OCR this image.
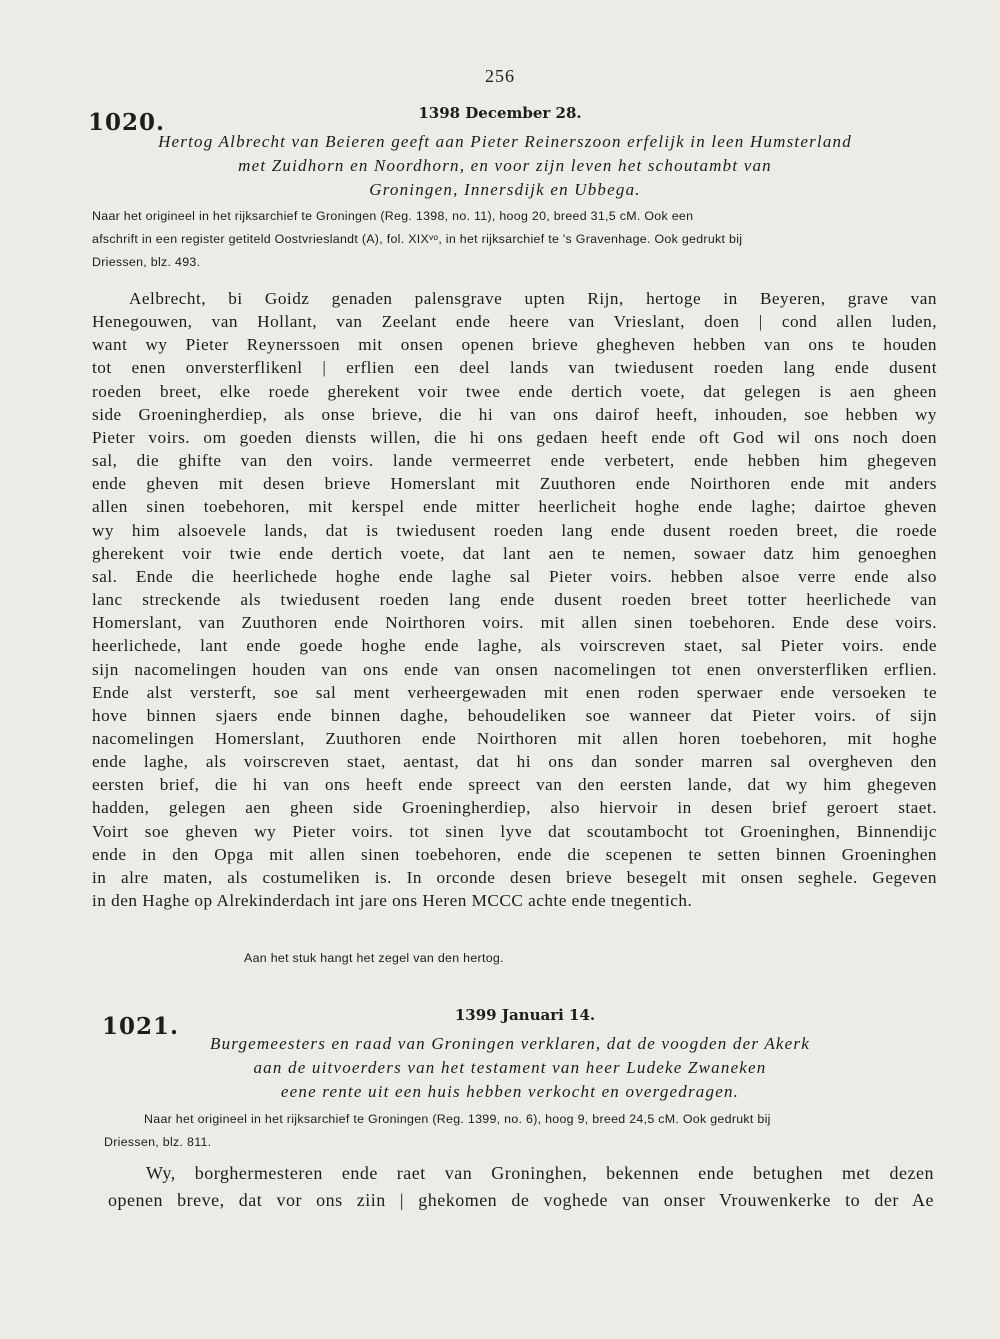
256
1020.	1398 December 28.
Hertog Albrecht van Beieren geeft aan Pieter Reinerszoon erfelijk in leen Humsterland
met Zuidhorn en Noordhorn, en voor zijn leven het schoutambt van
Groningen, Innersdijk en Ubbega.
Naar het origineel in het rijksarchief te Groningen (Reg. 1398, no. 11), hoog 20, breed 31,5 cM. Ook een
afschrift in een register getiteld Oostvrieslandt (A), fol. XIXᵛᵒ, in het rijksarchief te 's Gravenhage. Ook gedrukt bij
Driessen, blz. 493.
Aelbrecht, bi Goidz genaden palensgrave upten Rijn, hertoge in Beyeren, grave van
Henegouwen, van Hollant, van Zeelant ende heere van Vrieslant, doen | cond allen luden,
want wy Pieter Reynerssoen mit onsen openen brieve ghegheven hebben van ons te houden
tot enen onversterflikenl | erflien een deel lands van twiedusent roeden lang ende dusent
roeden breet, elke roede gherekent voir twee ende dertich voete, dat gelegen is aen gheen
side Groeningherdiep, als onse brieve, die hi van ons dairof heeft, inhouden, soe hebben wy
Pieter voirs. om goeden diensts willen, die hi ons gedaen heeft ende oft God wil ons noch doen
sal, die ghifte van den voirs. lande vermeerret ende verbetert, ende hebben him ghegeven
ende gheven mit desen brieve Homerslant mit Zuuthoren ende Noirthoren ende mit anders
allen sinen toebehoren, mit kerspel ende mitter heerlicheit hoghe ende laghe; dairtoe gheven
wy him alsoevele lands, dat is twiedusent roeden lang ende dusent roeden breet, die roede
gherekent voir twie ende dertich voete, dat lant aen te nemen, sowaer datz him genoeghen
sal. Ende die heerlichede hoghe ende laghe sal Pieter voirs. hebben alsoe verre ende also
lanc streckende als twiedusent roeden lang ende dusent roeden breet totter heerlichede van
Homerslant, van Zuuthoren ende Noirthoren voirs. mit allen sinen toebehoren. Ende dese voirs.
heerlichede, lant ende goede hoghe ende laghe, als voirscreven staet, sal Pieter voirs. ende
sijn nacomelingen houden van ons ende van onsen nacomelingen tot enen onversterfliken erflien.
Ende alst versterft, soe sal ment verheergewaden mit enen roden sperwaer ende versoeken te
hove binnen sjaers ende binnen daghe, behoudeliken soe wanneer dat Pieter voirs. of sijn
nacomelingen Homerslant, Zuuthoren ende Noirthoren mit allen horen toebehoren, mit hoghe
ende laghe, als voirscreven staet, aentast, dat hi ons dan sonder marren sal overgheven den
eersten brief, die hi van ons heeft ende spreect van den eersten lande, dat wy him ghegeven
hadden, gelegen aen gheen side Groeningherdiep, also hiervoir in desen brief geroert staet.
Voirt soe gheven wy Pieter voirs. tot sinen lyve dat scoutambocht tot Groeninghen, Binnendijc
ende in den Opga mit allen sinen toebehoren, ende die scepenen te setten binnen Groeninghen
in alre maten, als costumeliken is. In orconde desen brieve besegelt mit onsen seghele. Gegeven
in den Haghe op Alrekinderdach int jare ons Heren MCCC achte ende tnegentich.
Aan het stuk hangt het zegel van den hertog.
1021.	1399 Januari 14.
Burgemeesters en raad van Groningen verklaren, dat de voogden der Akerk
aan de uitvoerders van het testament van heer Ludeke Zwaneken
eene rente uit een huis hebben verkocht en overgedragen.
Naar het origineel in het rijksarchief te Groningen (Reg. 1399, no. 6), hoog 9, breed 24,5 cM. Ook gedrukt bij
Driessen, blz. 811.
Wy, borghermesteren ende raet van Groninghen, bekennen ende betughen met dezen
openen breve, dat vor ons ziin | ghekomen de voghede van onser Vrouwenkerke to der Ae
